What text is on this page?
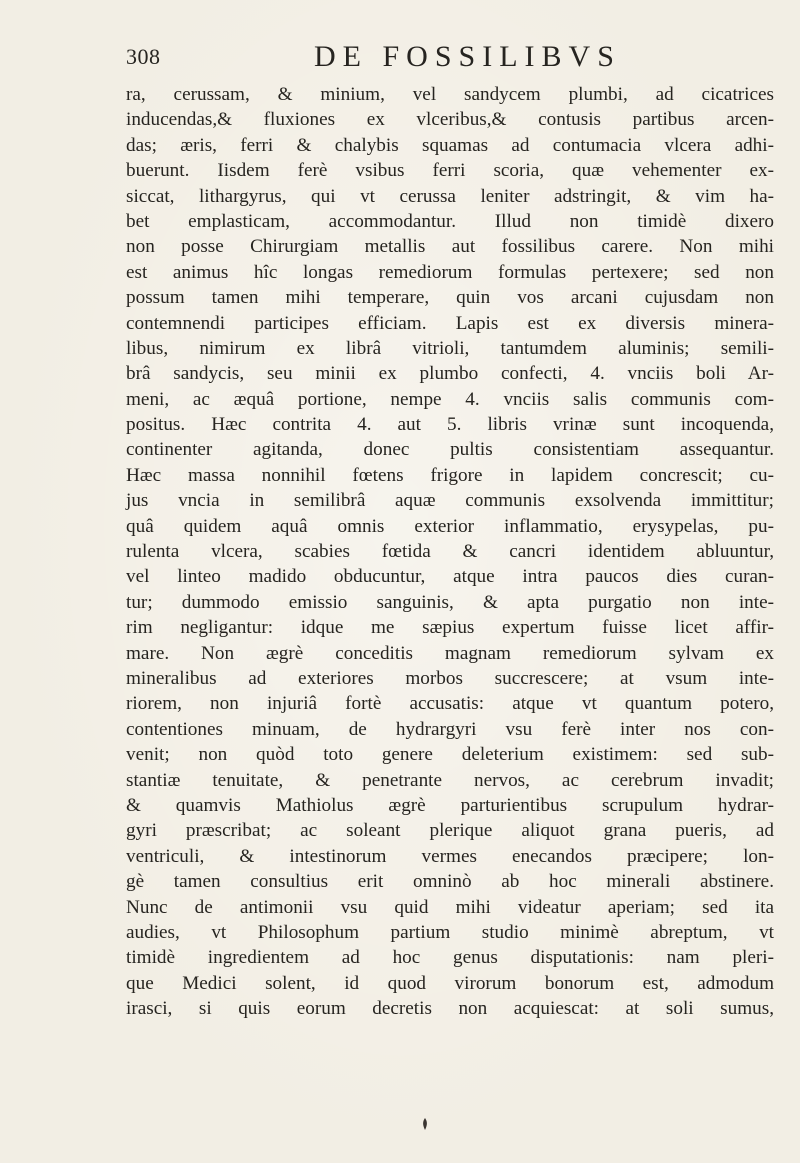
308	DE FOSSILIBVS
ra, cerussam, & minium, vel sandycem plumbi, ad cicatrices
inducendas,& fluxiones ex vlceribus,& contusis partibus arcen-
das; æris, ferri & chalybis squamas ad contumacia vlcera adhi-
buerunt. Iisdem ferè vsibus ferri scoria, quæ vehementer ex-
siccat, lithargyrus, qui vt cerussa leniter adstringit, & vim ha-
bet emplasticam, accommodantur. Illud non timidè dixero
non posse Chirurgiam metallis aut fossilibus carere. Non mihi
est animus hîc longas remediorum formulas pertexere; sed non
possum tamen mihi temperare, quin vos arcani cujusdam non
contemnendi participes efficiam. Lapis est ex diversis minera-
libus, nimirum ex librâ vitrioli, tantumdem aluminis; semili-
brâ sandycis, seu minii ex plumbo confecti, 4. vnciis boli Ar-
meni, ac æquâ portione, nempe 4. vnciis salis communis com-
positus. Hæc contrita 4. aut 5. libris vrinæ sunt incoquenda,
continenter agitanda, donec pultis consistentiam assequantur.
Hæc massa nonnihil fœtens frigore in lapidem concrescit; cu-
jus vncia in semilibrâ aquæ communis exsolvenda immittitur;
quâ quidem aquâ omnis exterior inflammatio, erysypelas, pu-
rulenta vlcera, scabies fœtida & cancri identidem abluuntur,
vel linteo madido obducuntur, atque intra paucos dies curan-
tur; dummodo emissio sanguinis, & apta purgatio non inte-
rim negligantur: idque me sæpius expertum fuisse licet affir-
mare. Non ægrè conceditis magnam remediorum sylvam ex
mineralibus ad exteriores morbos succrescere; at vsum inte-
riorem, non injuriâ fortè accusatis: atque vt quantum potero,
contentiones minuam, de hydrargyri vsu ferè inter nos con-
venit; non quòd toto genere deleterium existimem: sed sub-
stantiæ tenuitate, & penetrante nervos, ac cerebrum invadit;
& quamvis Mathiolus ægrè parturientibus scrupulum hydrar-
gyri præscribat; ac soleant plerique aliquot grana pueris, ad
ventriculi, & intestinorum vermes enecandos præcipere; lon-
gè tamen consultius erit omninò ab hoc minerali abstinere.
Nunc de antimonii vsu quid mihi videatur aperiam; sed ita
audies, vt Philosophum partium studio minimè abreptum, vt
timidè ingredientem ad hoc genus disputationis: nam pleri-
que Medici solent, id quod virorum bonorum est, admodum
irasci, si quis eorum decretis non acquiescat: at soli sumus,
